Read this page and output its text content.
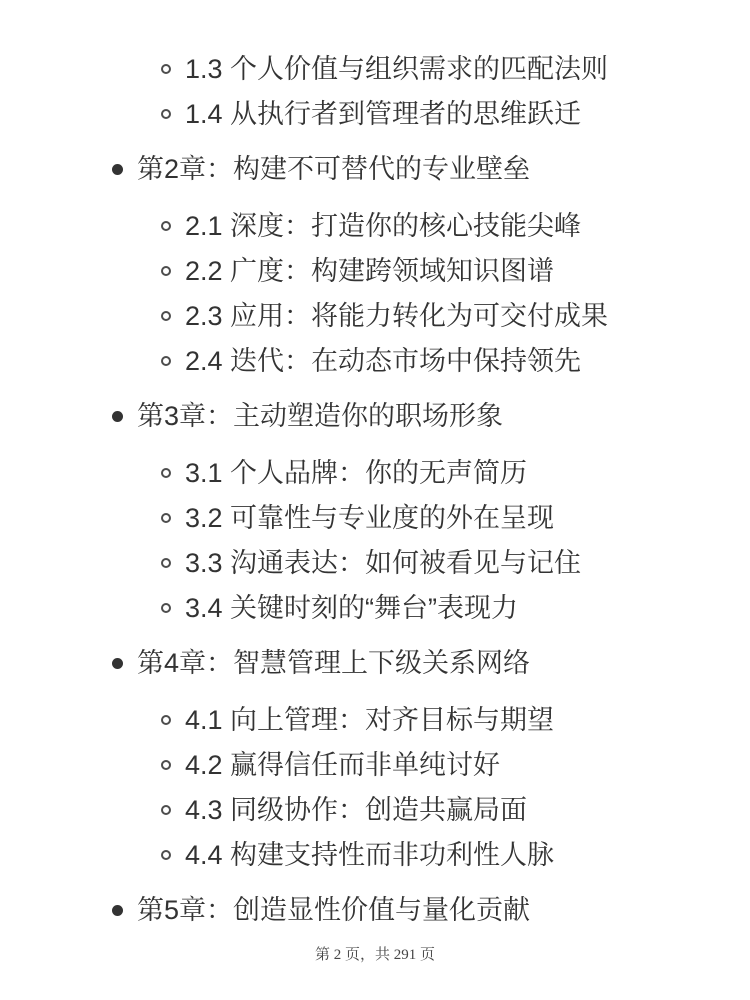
1.3 个人价值与组织需求的匹配法则
1.4 从执行者到管理者的思维跃迁
第2章：构建不可替代的专业壁垒
2.1 深度：打造你的核心技能尖峰
2.2 广度：构建跨领域知识图谱
2.3 应用：将能力转化为可交付成果
2.4 迭代：在动态市场中保持领先
第3章：主动塑造你的职场形象
3.1 个人品牌：你的无声简历
3.2 可靠性与专业度的外在呈现
3.3 沟通表达：如何被看见与记住
3.4 关键时刻的“舞台”表现力
第4章：智慧管理上下级关系网络
4.1 向上管理：对齐目标与期望
4.2 赢得信任而非单纯讨好
4.3 同级协作：创造共赢局面
4.4 构建支持性而非功利性人脉
第5章：创造显性价值与量化贡献
第 2 页，共 291 页
